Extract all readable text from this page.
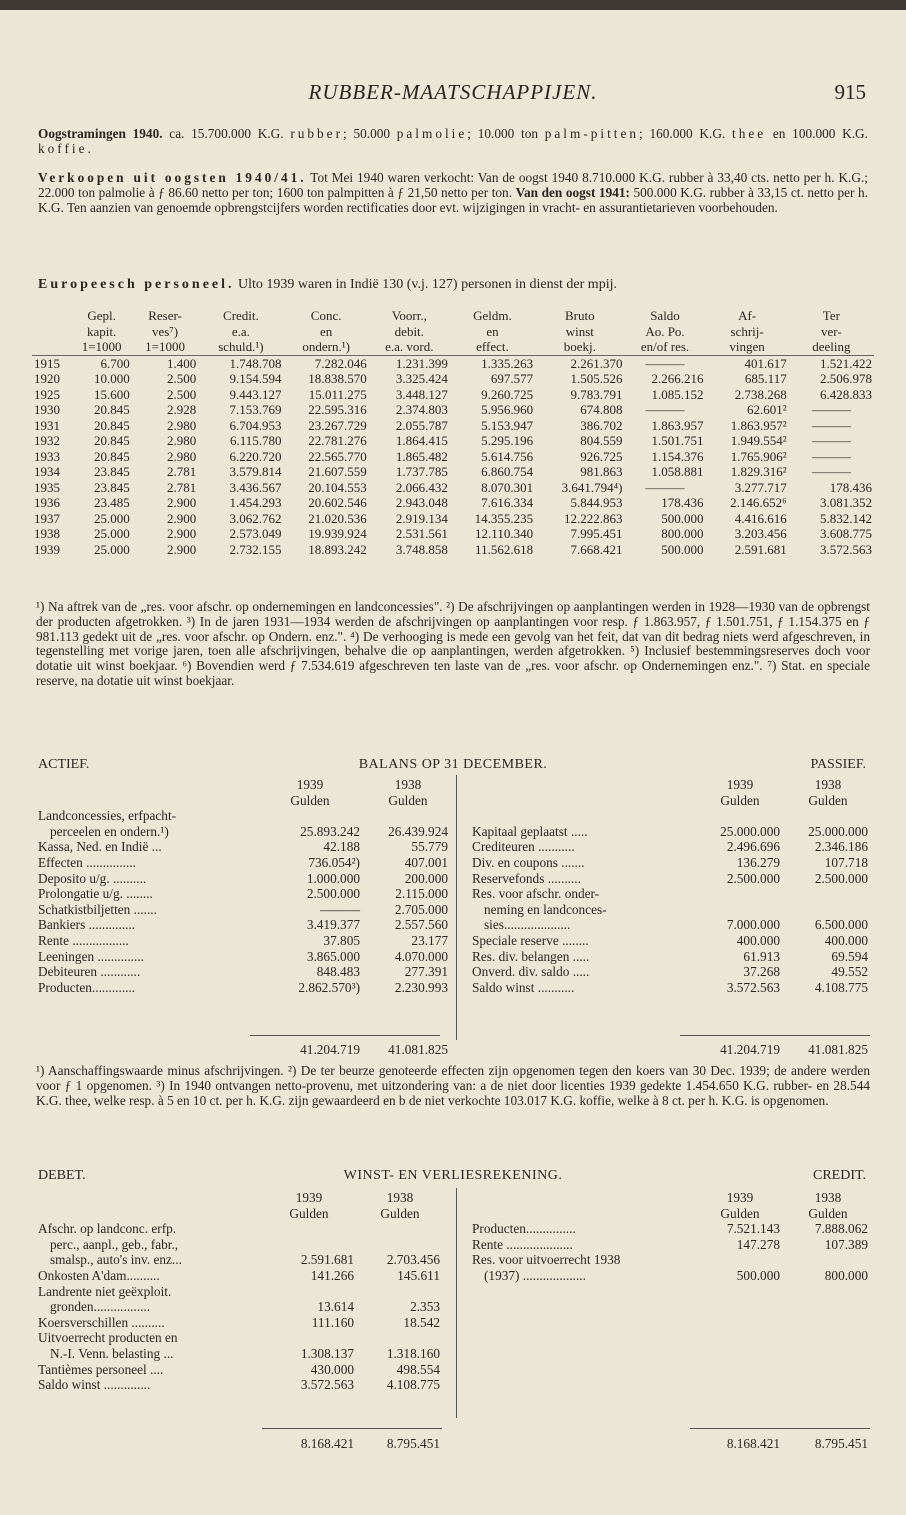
RUBBER-MAATSCHAPPIJEN.	915

Oogstramingen 1940. ca. 15.700.000 K.G. rubber; 50.000 palmolie; 10.000 ton palm-pitten; 160.000 K.G. thee en 100.000 K.G. koffie.

Verkoopen uit oogsten 1940/41. Tot Mei 1940 waren verkocht: Van de oogst 1940 8.710.000 K.G. rubber à 33,40 cts. netto per h. K.G.; 22.000 ton palmolie à ƒ 86.60 netto per ton; 1600 ton palmpitten à ƒ 21,50 netto per ton. Van den oogst 1941: 500.000 K.G. rubber à 33,15 ct. netto per h. K.G. Ten aanzien van genoemde opbrengstcijfers worden rectificaties door evt. wijzigingen in vracht- en assurantietarieven voorbehouden.

Europeesch personeel. Ulto 1939 waren in Indië 130 (v.j. 127) personen in dienst der mpij.

	Gepl.	Reser-	Credit.	Conc.	Voorr.,	Geldm.	Bruto	Saldo	Af-	Ter
	kapit.	ves⁷)	e.a.	en	debit.	en	winst	Ao. Po.	schrij-	ver-
	1=1000	1=1000	schuld.¹)	ondern.¹)	e.a. vord.	effect.	boekj.	en/of res.	vingen	deeling
1915	6.700	1.400	1.748.708	7.282.046	1.231.399	1.335.263	2.261.370	———	401.617	1.521.422
1920	10.000	2.500	9.154.594	18.838.570	3.325.424	697.577	1.505.526	2.266.216	685.117	2.506.978
1925	15.600	2.500	9.443.127	15.011.275	3.448.127	9.260.725	9.783.791	1.085.152	2.738.268	6.428.833
1930	20.845	2.928	7.153.769	22.595.316	2.374.803	5.956.960	674.808	———	62.601²	———
1931	20.845	2.980	6.704.953	23.267.729	2.055.787	5.153.947	386.702	1.863.957	1.863.957²	———
1932	20.845	2.980	6.115.780	22.781.276	1.864.415	5.295.196	804.559	1.501.751	1.949.554²	———
1933	20.845	2.980	6.220.720	22.565.770	1.865.482	5.614.756	926.725	1.154.376	1.765.906²	———
1934	23.845	2.781	3.579.814	21.607.559	1.737.785	6.860.754	981.863	1.058.881	1.829.316²	———
1935	23.845	2.781	3.436.567	20.104.553	2.066.432	8.070.301	3.641.794⁴)	———	3.277.717	178.436
1936	23.485	2.900	1.454.293	20.602.546	2.943.048	7.616.334	5.844.953	178.436	2.146.652⁶	3.081.352
1937	25.000	2.900	3.062.762	21.020.536	2.919.134	14.355.235	12.222.863	500.000	4.416.616	5.832.142
1938	25.000	2.900	2.573.049	19.939.924	2.531.561	12.110.340	7.995.451	800.000	3.203.456	3.608.775
1939	25.000	2.900	2.732.155	18.893.242	3.748.858	11.562.618	7.668.421	500.000	2.591.681	3.572.563

¹) Na aftrek van de „res. voor afschr. op ondernemingen en landconcessies". ²) De afschrijvingen op aanplantingen werden in 1928—1930 van de opbrengst der producten afgetrokken. ³) In de jaren 1931—1934 werden de afschrijvingen op aanplantingen voor resp. ƒ 1.863.957, ƒ 1.501.751, ƒ 1.154.375 en ƒ 981.113 gedekt uit de „res. voor afschr. op Ondern. enz.". ⁴) De verhooging is mede een gevolg van het feit, dat van dit bedrag niets werd afgeschreven, in tegenstelling met vorige jaren, toen alle afschrijvingen, behalve die op aanplantingen, werden afgetrokken. ⁵) Inclusief bestemmingsreserves doch voor dotatie uit winst boekjaar. ⁶) Bovendien werd ƒ 7.534.619 afgeschreven ten laste van de „res. voor afschr. op Ondernemingen enz.". ⁷) Stat. en speciale reserve, na dotatie uit winst boekjaar.

ACTIEF.	BALANS OP 31 DECEMBER.	PASSIEF.
1939	1938
Gulden	Gulden
Landconcessies, erfpacht-
perceelen en ondern.¹)	25.893.242	26.439.924
Kassa, Ned. en Indië ...	42.188	55.779
Effecten ...............	736.054²)	407.001
Deposito u/g. ..........	1.000.000	200.000
Prolongatie u/g. ........	2.500.000	2.115.000
Schatkistbiljetten .......	———	2.705.000
Bankiers ..............	3.419.377	2.557.560
Rente .................	37.805	23.177
Leeningen ..............	3.865.000	4.070.000
Debiteuren ............	848.483	277.391
Producten.............	2.862.570³)	2.230.993
1939	1938
Gulden	Gulden
Kapitaal geplaatst .....	25.000.000	25.000.000
Crediteuren ...........	2.496.696	2.346.186
Div. en coupons .......	136.279	107.718
Reservefonds ..........	2.500.000	2.500.000
Res. voor afschr. onder-
neming en landconces-
sies....................	7.000.000	6.500.000
Speciale reserve ........	400.000	400.000
Res. div. belangen .....	61.913	69.594
Onverd. div. saldo .....	37.268	49.552
Saldo winst ...........	3.572.563	4.108.775
41.204.719	41.081.825	41.204.719	41.081.825

¹) Aanschaffingswaarde minus afschrijvingen. ²) De ter beurze genoteerde effecten zijn opgenomen tegen den koers van 30 Dec. 1939; de andere werden voor ƒ 1 opgenomen. ³) In 1940 ontvangen netto-provenu, met uitzondering van: a de niet door licenties 1939 gedekte 1.454.650 K.G. rubber- en 28.544 K.G. thee, welke resp. à 5 en 10 ct. per h. K.G. zijn gewaardeerd en b de niet verkochte 103.017 K.G. koffie, welke à 8 ct. per h. K.G. is opgenomen.

DEBET.	WINST- EN VERLIESREKENING.	CREDIT.
1939	1938
Gulden	Gulden
Afschr. op landconc. erfp.
perc., aanpl., geb., fabr.,
smalsp., auto's inv. enz...	2.591.681	2.703.456
Onkosten A'dam..........	141.266	145.611
Landrente niet geëxploit.
gronden.................	13.614	2.353
Koersverschillen ..........	111.160	18.542
Uitvoerrecht producten en
N.-I. Venn. belasting ...	1.308.137	1.318.160
Tantièmes personeel ....	430.000	498.554
Saldo winst ..............	3.572.563	4.108.775
1939	1938
Gulden	Gulden
Producten...............	7.521.143	7.888.062
Rente ....................	147.278	107.389
Res. voor uitvoerrecht 1938
(1937) ...................	500.000	800.000
8.168.421	8.795.451	8.168.421	8.795.451
